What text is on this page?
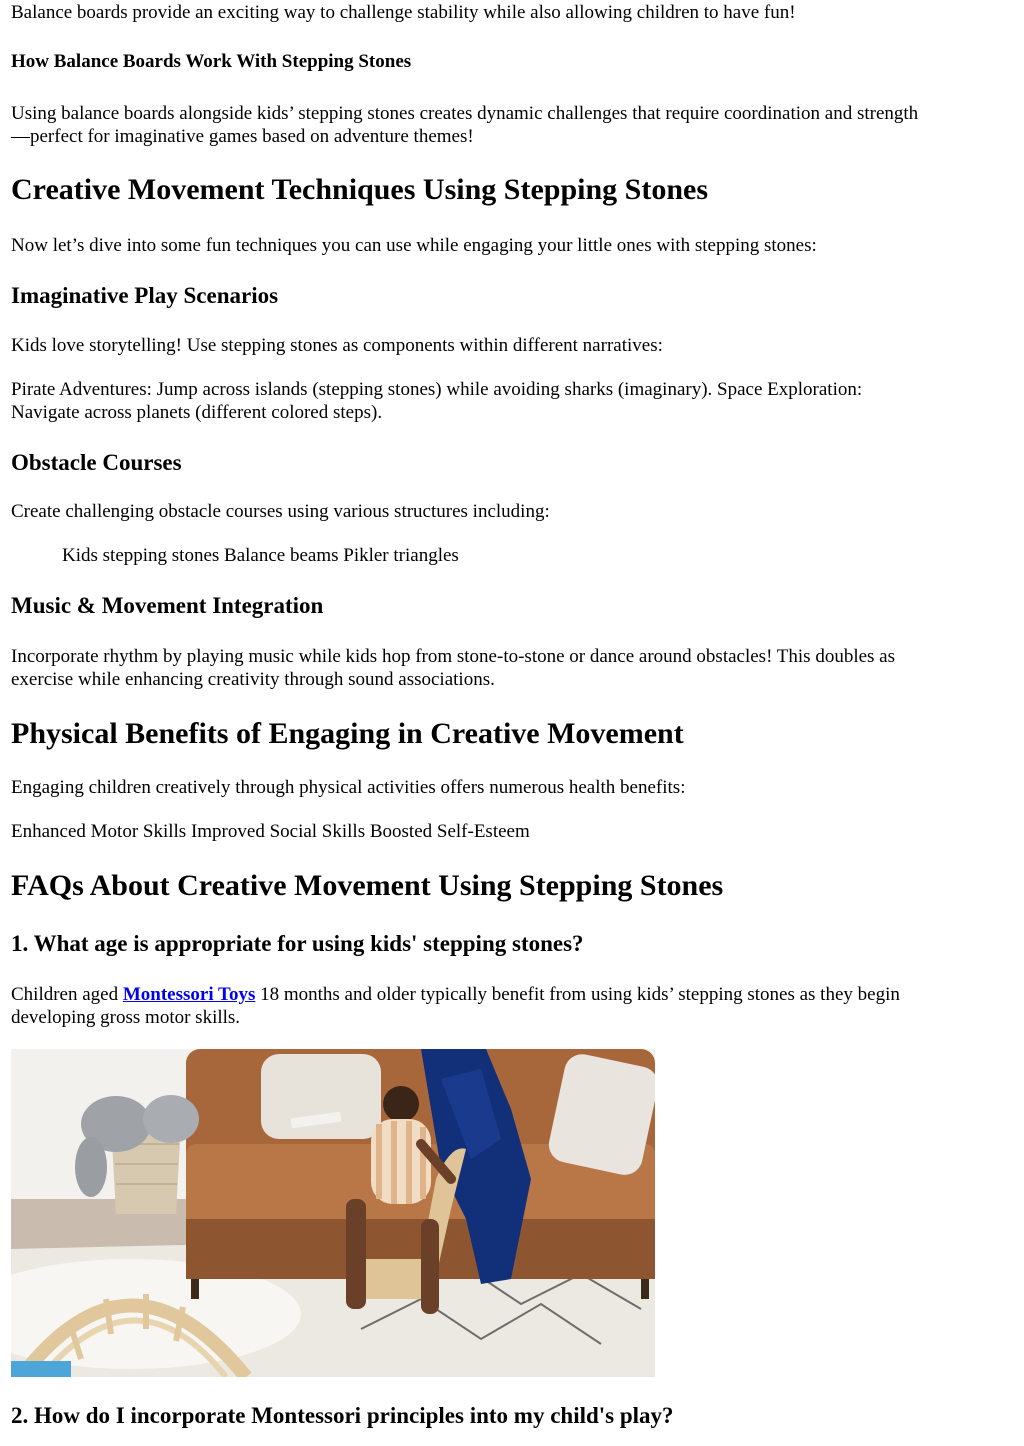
Balance boards provide an exciting way to challenge stability while also allowing children to have fun!

How Balance Boards Work With Stepping Stones

Using balance boards alongside kids’ stepping stones creates dynamic challenges that require coordination and strength

—perfect for imaginative games based on adventure themes!

Creative Movement Techniques Using Stepping Stones

Now let’s dive into some fun techniques you can use while engaging your little ones with stepping stones:

Imaginative Play Scenarios

Kids love storytelling! Use stepping stones as components within different narratives:

Pirate Adventures: Jump across islands (stepping stones) while avoiding sharks (imaginary). Space Exploration:

Navigate across planets (different colored steps).

Obstacle Courses

Create challenging obstacle courses using various structures including:

Kids stepping stones Balance beams Pikler triangles

Music & Movement Integration

Incorporate rhythm by playing music while kids hop from stone-to-stone or dance around obstacles! This doubles as

exercise while enhancing creativity through sound associations.

Physical Benefits of Engaging in Creative Movement

Engaging children creatively through physical activities offers numerous health benefits:

Enhanced Motor Skills Improved Social Skills Boosted Self-Esteem

FAQs About Creative Movement Using Stepping Stones
1. What age is appropriate for using kids' stepping stones?

Children aged Montessori Toys 18 months and older typically benefit from using kids’ stepping stones as they begin

developing gross motor skills.

2. How do I incorporate Montessori principles into my child's play?
